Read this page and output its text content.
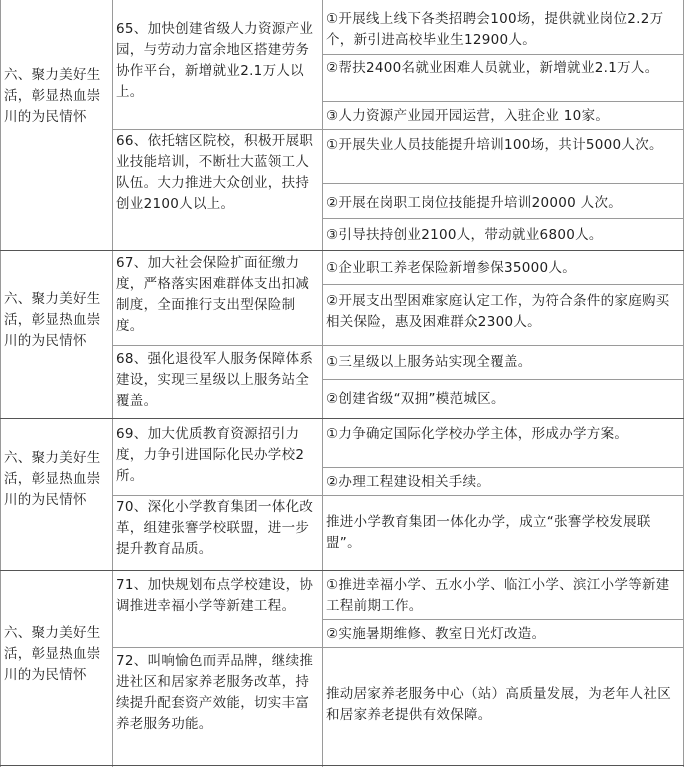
六、聚力美好生活，彰显热血崇川的为民情怀
65、加快创建省级人力资源产业园，与劳动力富余地区搭建劳务协作平台，新增就业2.1万人以上。
①开展线上线下各类招聘会100场，提供就业岗位2.2万个，新引进高校毕业生12900人。
②帮扶2400名就业困难人员就业，新增就业2.1万人。
③人力资源产业园开园运营，入驻企业 10家。
66、依托辖区院校，积极开展职业技能培训，不断壮大蓝领工人队伍。大力推进大众创业，扶持创业2100人以上。
①开展失业人员技能提升培训100场，共计5000人次。
②开展在岗职工岗位技能提升培训20000 人次。
③引导扶持创业2100人，带动就业6800人。
六、聚力美好生活，彰显热血崇川的为民情怀
67、加大社会保险扩面征缴力度，严格落实困难群体支出扣减制度，全面推行支出型保险制度。
①企业职工养老保险新增参保35000人。
②开展支出型困难家庭认定工作，为符合条件的家庭购买相关保险，惠及困难群众2300人。
68、强化退役军人服务保障体系建设，实现三星级以上服务站全覆盖。
①三星级以上服务站实现全覆盖。
②创建省级“双拥”模范城区。
六、聚力美好生活，彰显热血崇川的为民情怀
69、加大优质教育资源招引力度，力争引进国际化民办学校2所。
①力争确定国际化学校办学主体，形成办学方案。
②办理工程建设相关手续。
70、深化小学教育集团一体化改革，组建张謇学校联盟，进一步提升教育品质。
推进小学教育集团一体化办学，成立“张謇学校发展联盟”。
六、聚力美好生活，彰显热血崇川的为民情怀
71、加快规划布点学校建设，协调推进幸福小学等新建工程。
①推进幸福小学、五水小学、临江小学、滨江小学等新建工程前期工作。
②实施暑期维修、教室日光灯改造。
72、叫响愉色而弄品牌，继续推进社区和居家养老服务改革，持续提升配套资产效能，切实丰富养老服务功能。
推动居家养老服务中心（站）高质量发展，为老年人社区和居家养老提供有效保障。
